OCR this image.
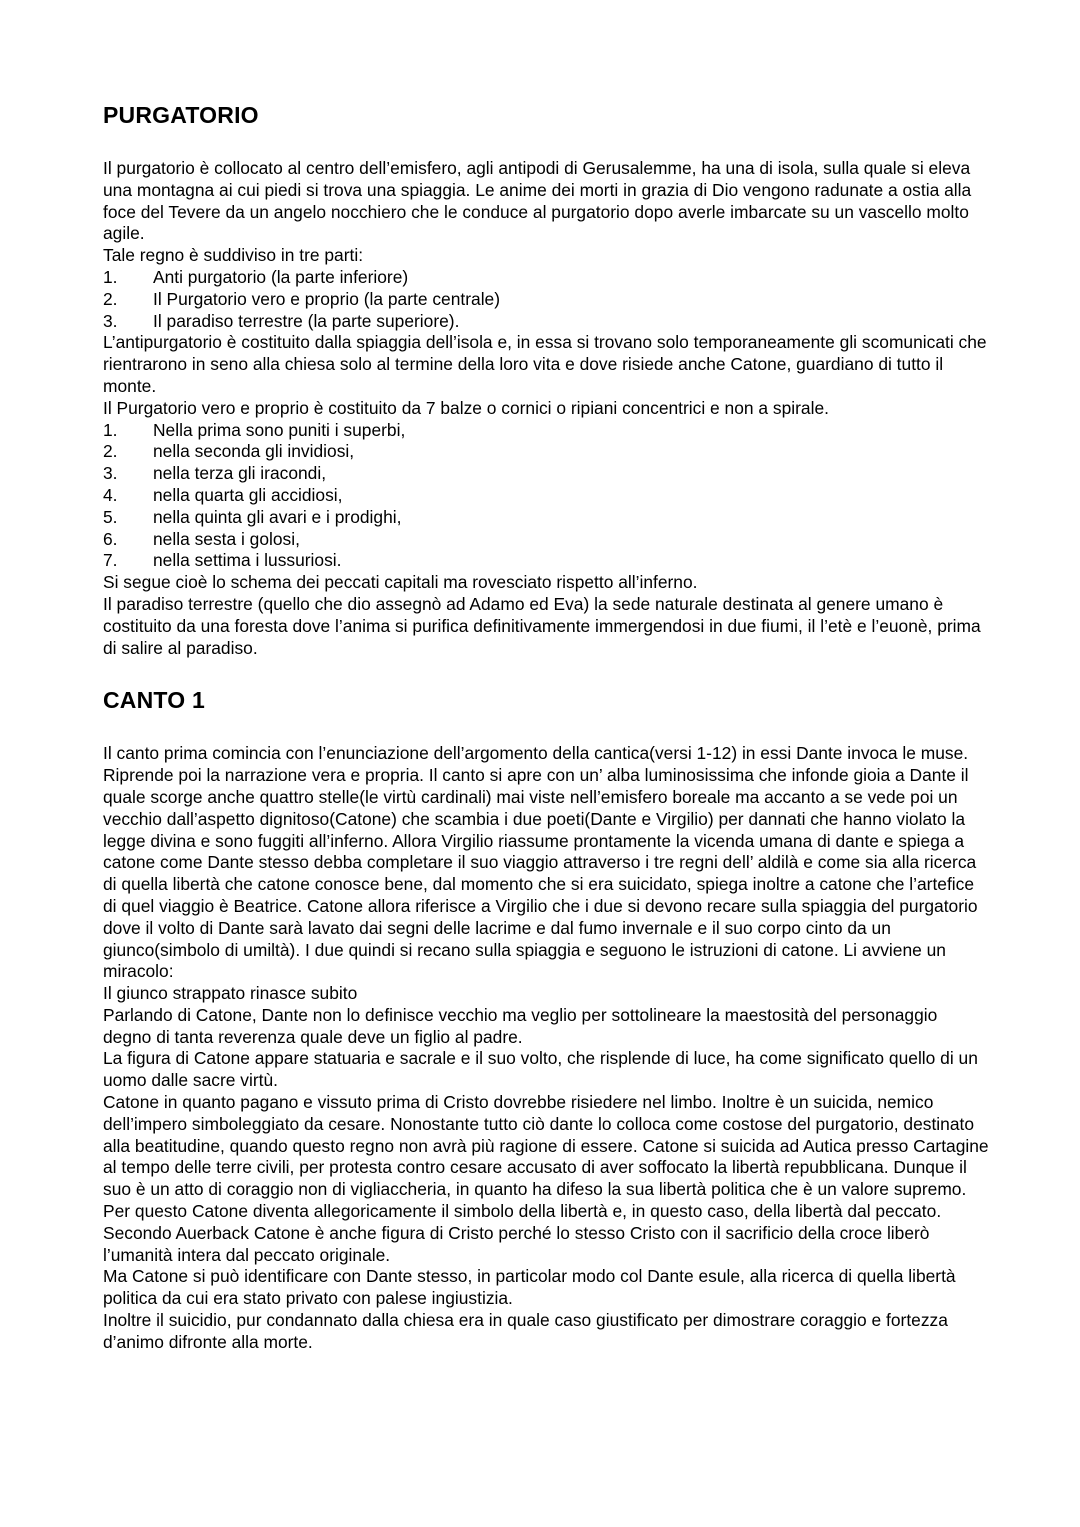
PURGATORIO

Il purgatorio è collocato al centro dell’emisfero, agli antipodi di Gerusalemme, ha una di isola, sulla quale si eleva una montagna ai cui piedi si trova una spiaggia. Le anime dei morti in grazia di Dio vengono radunate a ostia alla foce del Tevere da un angelo nocchiero che le conduce al purgatorio dopo averle imbarcate su un vascello molto agile.

Tale regno è suddiviso in tre parti:

1.	Anti purgatorio (la parte inferiore)
2.	Il Purgatorio vero e proprio (la parte centrale)
3.	Il paradiso terrestre (la parte superiore).

L’antipurgatorio è costituito dalla spiaggia dell’isola e, in essa si trovano solo temporaneamente gli scomunicati che rientrarono in seno alla chiesa solo al termine della loro vita e dove risiede anche Catone, guardiano di tutto il monte.

Il Purgatorio vero e proprio è costituito da 7 balze o cornici o ripiani concentrici e non a spirale.

1.	Nella prima sono puniti i superbi,
2.	nella seconda gli invidiosi,
3.	nella terza gli iracondi,
4.	nella quarta gli accidiosi,
5.	nella quinta gli avari e i prodighi,
6.	nella sesta i golosi,
7.	nella settima i lussuriosi.

Si segue cioè lo schema dei peccati capitali ma rovesciato rispetto all’inferno.

Il paradiso terrestre (quello che dio assegnò ad Adamo ed Eva) la sede naturale destinata al genere umano è costituito da una foresta dove l’anima si purifica definitivamente immergendosi in due fiumi, il l’etè e l’euonè, prima di salire al paradiso.

CANTO 1

Il canto prima comincia con l’enunciazione dell’argomento della cantica(versi 1-12) in essi Dante invoca le muse.

Riprende poi la narrazione vera e propria. Il canto si apre con un’ alba luminosissima che infonde gioia a Dante il quale scorge anche quattro stelle(le virtù cardinali) mai viste nell’emisfero boreale ma accanto a se vede poi un vecchio dall’aspetto dignitoso(Catone) che scambia i due poeti(Dante e Virgilio) per dannati che hanno violato la legge divina e sono fuggiti all’inferno. Allora Virgilio riassume prontamente la vicenda umana di dante e spiega a catone come Dante stesso debba completare il suo viaggio attraverso i tre regni dell’ aldilà e come sia alla ricerca di quella libertà che catone conosce bene, dal momento che si era suicidato, spiega inoltre a catone che l’artefice di quel viaggio è Beatrice. Catone allora riferisce a Virgilio che i due si devono recare sulla spiaggia del purgatorio dove il volto di Dante sarà lavato dai segni delle lacrime e dal fumo invernale e il suo corpo cinto da un giunco(simbolo di umiltà). I due quindi si recano sulla spiaggia e seguono le istruzioni di catone. Li avviene un miracolo:

Il giunco strappato rinasce subito

Parlando di Catone, Dante non lo definisce vecchio ma veglio per sottolineare la maestosità del personaggio degno di tanta reverenza quale deve un figlio al padre.

La figura di Catone appare statuaria e sacrale e il suo volto, che risplende di luce, ha come significato quello di un uomo dalle sacre virtù.

Catone in quanto pagano e vissuto prima di Cristo dovrebbe risiedere nel limbo. Inoltre è un suicida, nemico dell’impero simboleggiato da cesare. Nonostante tutto ciò dante lo colloca come costose del purgatorio, destinato alla beatitudine, quando questo regno non avrà più ragione di essere. Catone si suicida ad Autica presso Cartagine al tempo delle terre civili, per protesta contro cesare accusato di aver soffocato la libertà repubblicana. Dunque il suo è un atto di coraggio non di vigliaccheria, in quanto ha difeso la sua libertà politica che è un valore supremo.

Per questo Catone diventa allegoricamente il simbolo della libertà e, in questo caso, della libertà dal peccato. Secondo Auerback Catone è anche figura di Cristo perché lo stesso Cristo con il sacrificio della croce liberò l’umanità intera dal peccato originale.

Ma Catone si può identificare con Dante stesso, in particolar modo col Dante esule, alla ricerca di quella libertà politica da cui era stato privato con palese ingiustizia.

Inoltre il suicidio, pur condannato dalla chiesa era in quale caso giustificato per dimostrare coraggio e fortezza d’animo difronte alla morte.
